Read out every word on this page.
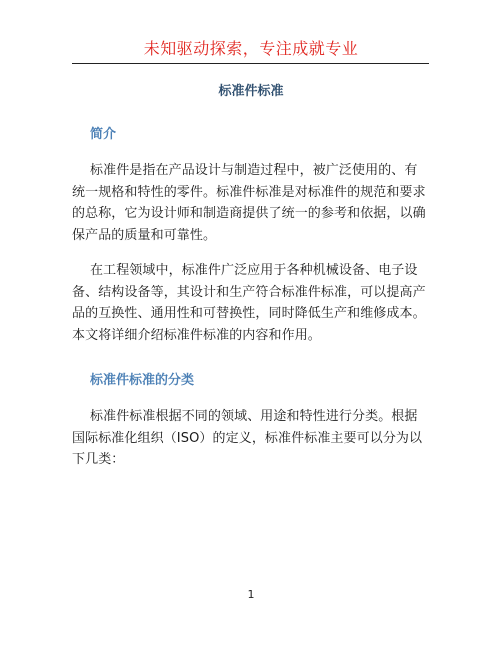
未知驱动探索，专注成就专业
标准件标准
简介

标准件是指在产品设计与制造过程中，被广泛使用的、有统一规格和特性的零件。标准件标准是对标准件的规范和要求的总称，它为设计师和制造商提供了统一的参考和依据，以确保产品的质量和可靠性。

在工程领域中，标准件广泛应用于各种机械设备、电子设备、结构设备等，其设计和生产符合标准件标准，可以提高产品的互换性、通用性和可替换性，同时降低生产和维修成本。本文将详细介绍标准件标准的内容和作用。

标准件标准的分类

标准件标准根据不同的领域、用途和特性进行分类。根据国际标准化组织（ISO）的定义，标准件标准主要可以分为以下几类：

1
